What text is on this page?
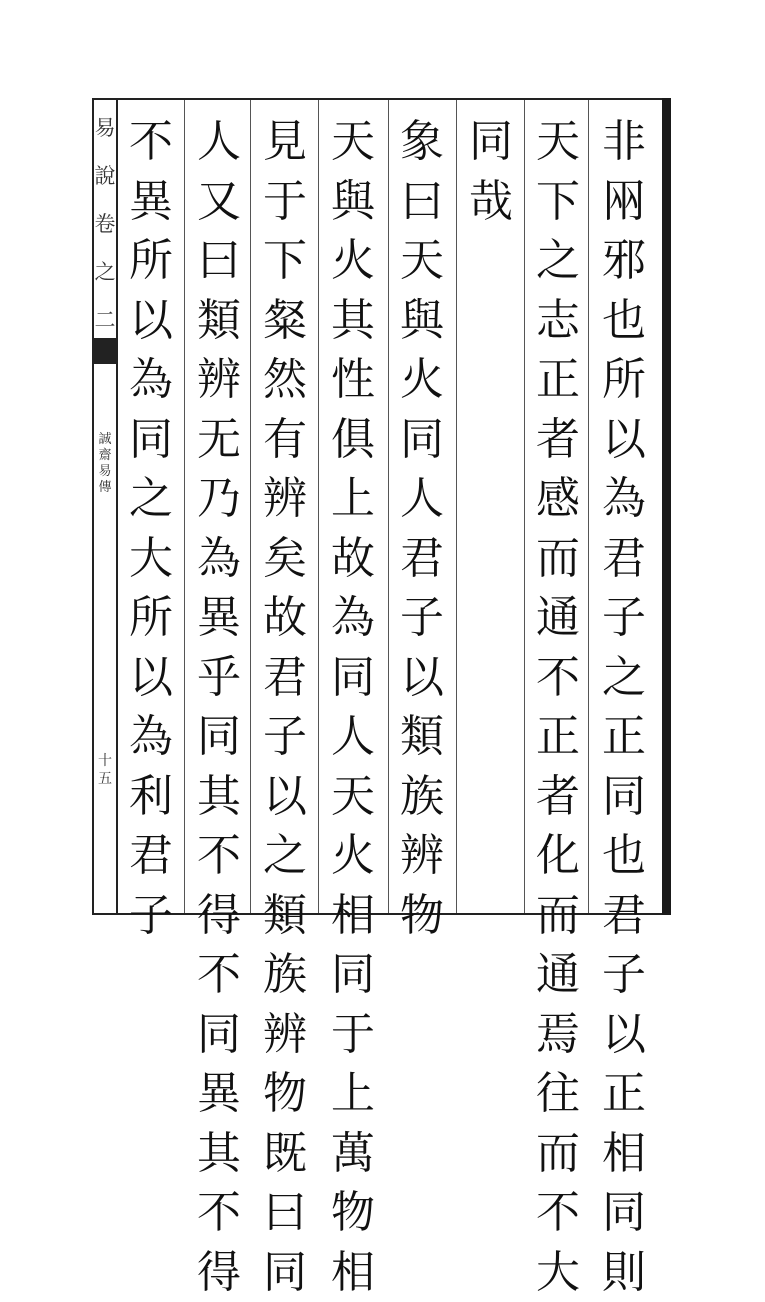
易
說
卷
之
二
誠
齋
易
傳
十
五
非
㒳
邪
也
所
以
為
君
子
之
正
同
也
君
子
以
正
相
同
則
天
下
之
志
正
者
感
而
通
不
正
者
化
而
通
焉
往
而
不
大
同
哉
象
曰
天
與
火
同
人
君
子
以
類
族
辨
物
天
與
火
其
性
俱
上
故
為
同
人
天
火
相
同
于
上
萬
物
相
見
于
下
粲
然
有
辨
矣
故
君
子
以
之
類
族
辨
物
既
曰
同
人
又
曰
類
辨
无
乃
為
異
乎
同
其
不
得
不
同
異
其
不
得
不
異
所
以
為
同
之
大
所
以
為
利
君
子
